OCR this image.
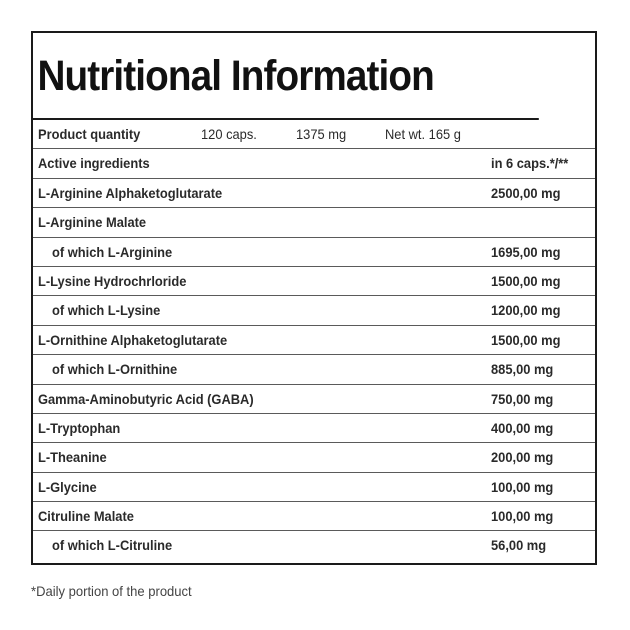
Nutritional Information
Product quantity	120 caps.	1375 mg	Net wt. 165 g
Active ingredients	in 6 caps.*/**
L-Arginine Alphaketoglutarate	2500,00 mg
L-Arginine Malate
of which L-Arginine	1695,00 mg
L-Lysine Hydrochrloride	1500,00 mg
of which L-Lysine	1200,00 mg
L-Ornithine Alphaketoglutarate	1500,00 mg
of which L-Ornithine	885,00 mg
Gamma-Aminobutyric Acid (GABA)	750,00 mg
L-Tryptophan	400,00 mg
L-Theanine	200,00 mg
L-Glycine	100,00 mg
Citruline Malate	100,00 mg
of which L-Citruline	56,00 mg
*Daily portion of the product
